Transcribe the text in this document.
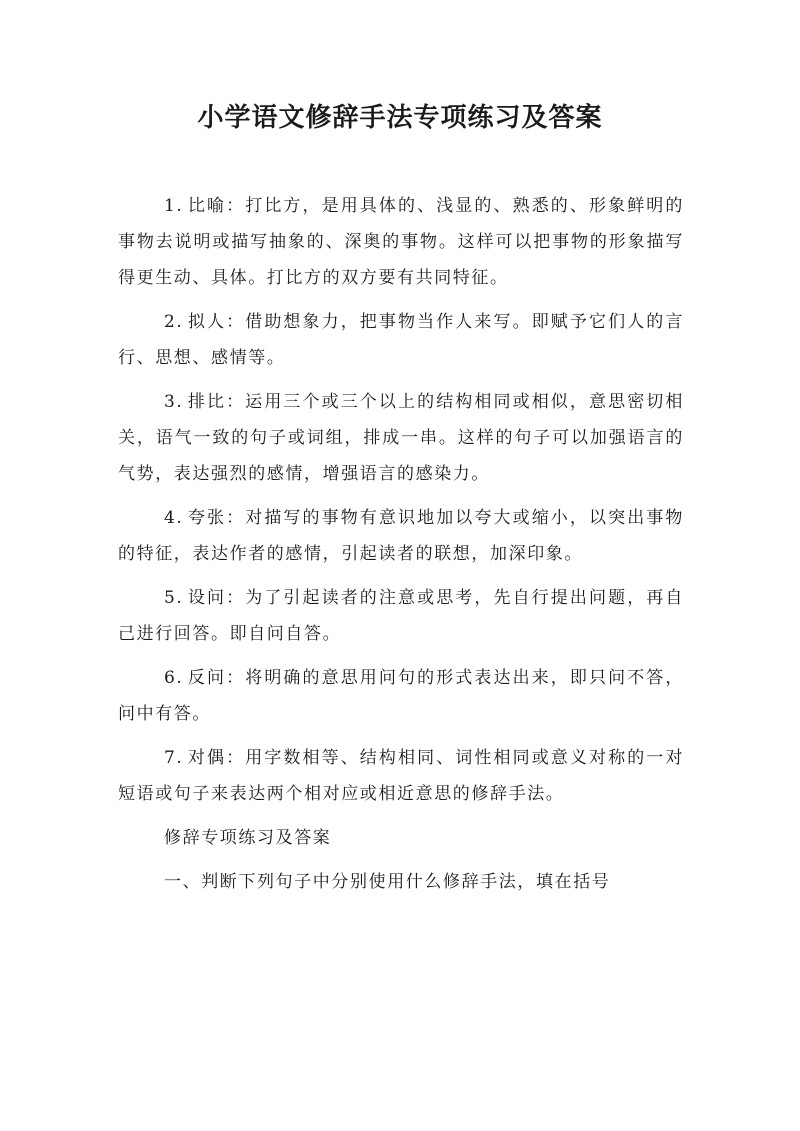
小学语文修辞手法专项练习及答案

1. 比喻：打比方，是用具体的、浅显的、熟悉的、形象鲜明的事物去说明或描写抽象的、深奥的事物。这样可以把事物的形象描写得更生动、具体。打比方的双方要有共同特征。

2. 拟人：借助想象力，把事物当作人来写。即赋予它们人的言行、思想、感情等。

3. 排比：运用三个或三个以上的结构相同或相似，意思密切相关，语气一致的句子或词组，排成一串。这样的句子可以加强语言的气势，表达强烈的感情，增强语言的感染力。

4. 夸张：对描写的事物有意识地加以夸大或缩小，以突出事物的特征，表达作者的感情，引起读者的联想，加深印象。

5. 设问：为了引起读者的注意或思考，先自行提出问题，再自己进行回答。即自问自答。

6. 反问：将明确的意思用问句的形式表达出来，即只问不答，问中有答。

7. 对偶：用字数相等、结构相同、词性相同或意义对称的一对短语或句子来表达两个相对应或相近意思的修辞手法。

修辞专项练习及答案

一、判断下列句子中分别使用什么修辞手法，填在括号
